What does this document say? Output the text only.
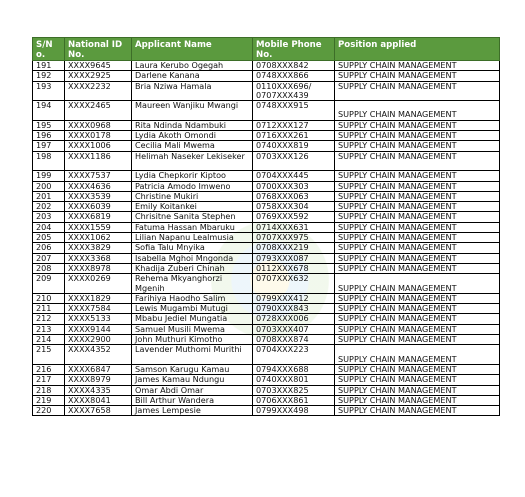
S/N o.	National ID No.	Applicant Name	Mobile Phone No.	Position applied
191	XXXX9645	Laura Kerubo Ogegah	0708XXX842	SUPPLY CHAIN MANAGEMENT
192	XXXX2925	Darlene Kanana	0748XXX866	SUPPLY CHAIN MANAGEMENT
193	XXXX2232	Bria Nziwa Hamala	0110XXX696/ 0707XXX439	SUPPLY CHAIN MANAGEMENT
194	XXXX2465	Maureen Wanjiku Mwangi	0748XXX915	SUPPLY CHAIN MANAGEMENT
195	XXXX0968	Rita Ndinda Ndambuki	0712XXX127	SUPPLY CHAIN MANAGEMENT
196	XXXX0178	Lydia Akoth Omondi	0716XXX261	SUPPLY CHAIN MANAGEMENT
197	XXXX1006	Cecilia Mali Mwema	0740XXX819	SUPPLY CHAIN MANAGEMENT
198	XXXX1186	Helimah Naseker Lekiseker	0703XXX126	SUPPLY CHAIN MANAGEMENT
199	XXXX7537	Lydia Chepkorir Kiptoo	0704XXX445	SUPPLY CHAIN MANAGEMENT
200	XXXX4636	Patricia Amodo Imweno	0700XXX303	SUPPLY CHAIN MANAGEMENT
201	XXXX3539	Christine Mukiri	0768XXX063	SUPPLY CHAIN MANAGEMENT
202	XXXX6039	Emily Koitankei	0758XXX304	SUPPLY CHAIN MANAGEMENT
203	XXXX6819	Chrisitne Sanita Stephen	0769XXX592	SUPPLY CHAIN MANAGEMENT
204	XXXX1559	Fatuma Hassan Mbaruku	0714XXX631	SUPPLY CHAIN MANAGEMENT
205	XXXX1062	Lilian Napanu Lealmusia	0707XXX975	SUPPLY CHAIN MANAGEMENT
206	XXXX3829	Sofia Talu Mnyika	0708XXX219	SUPPLY CHAIN MANAGEMENT
207	XXXX3368	Isabella Mghoi Mngonda	0793XXX087	SUPPLY CHAIN MANAGEMENT
208	XXXX8978	Khadija Zuberi Chinah	0112XXX678	SUPPLY CHAIN MANAGEMENT
209	XXXX0269	Rehema Mkyanghorzi Mgenih	0707XXX632	SUPPLY CHAIN MANAGEMENT
210	XXXX1829	Farihiya Haodho Salim	0799XXX412	SUPPLY CHAIN MANAGEMENT
211	XXXX7584	Lewis Mugambi Mutugi	0790XXX843	SUPPLY CHAIN MANAGEMENT
212	XXXX5133	Mbabu Jediel Mungatia	0728XXX006	SUPPLY CHAIN MANAGEMENT
213	XXXX9144	Samuel Musili Mwema	0703XXX407	SUPPLY CHAIN MANAGEMENT
214	XXXX2900	John Muthuri Kimotho	0708XXX874	SUPPLY CHAIN MANAGEMENT
215	XXXX4352	Lavender Muthomi Murithi	0704XXX223	SUPPLY CHAIN MANAGEMENT
216	XXXX6847	Samson Karugu Kamau	0794XXX688	SUPPLY CHAIN MANAGEMENT
217	XXXX8979	James Kamau Ndungu	0740XXX801	SUPPLY CHAIN MANAGEMENT
218	XXXX4335	Omar Abdi Omar	0703XXX825	SUPPLY CHAIN MANAGEMENT
219	XXXX8041	Bill Arthur Wandera	0706XXX861	SUPPLY CHAIN MANAGEMENT
220	XXXX7658	James Lempesie	0799XXX498	SUPPLY CHAIN MANAGEMENT
